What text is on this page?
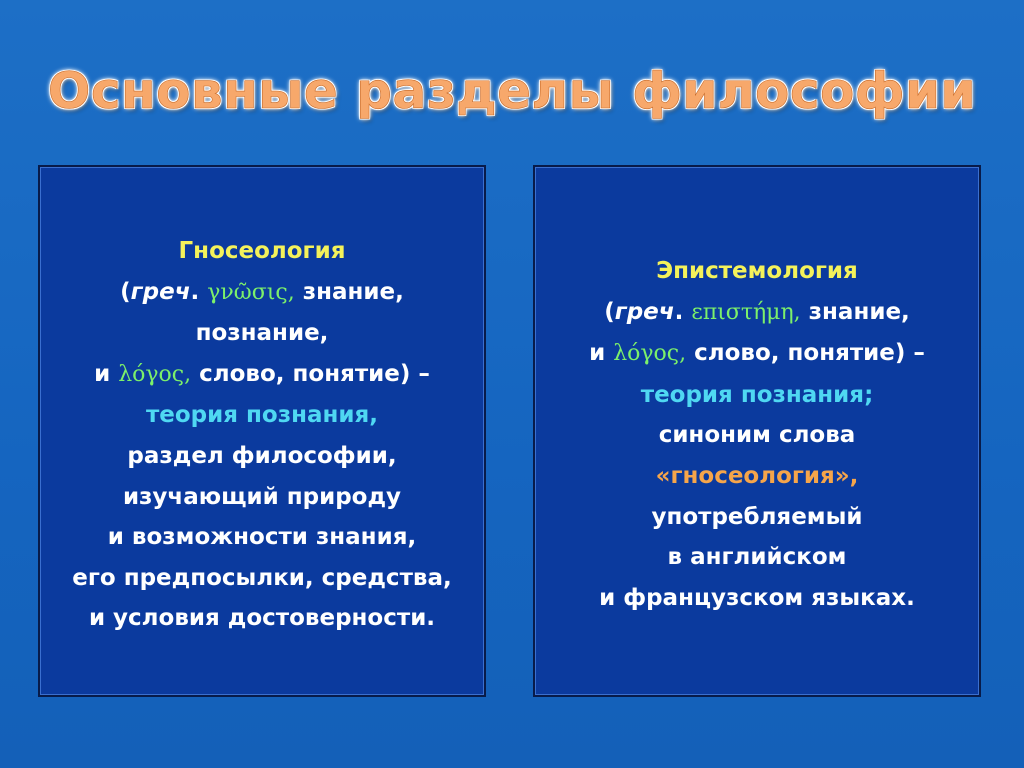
Основные разделы философии
Гносеология
(греч. γνῶσις, знание,
познание,
и λόγος, слово, понятие) –
теория познания,
раздел философии,
изучающий природу
и возможности знания,
его предпосылки, средства,
и условия достоверности.
Эпистемология
(греч. επιστήμη, знание,
и λόγος, слово, понятие) –
теория познания;
синоним слова
«гносеология»,
употребляемый
в английском
и французском языках.
